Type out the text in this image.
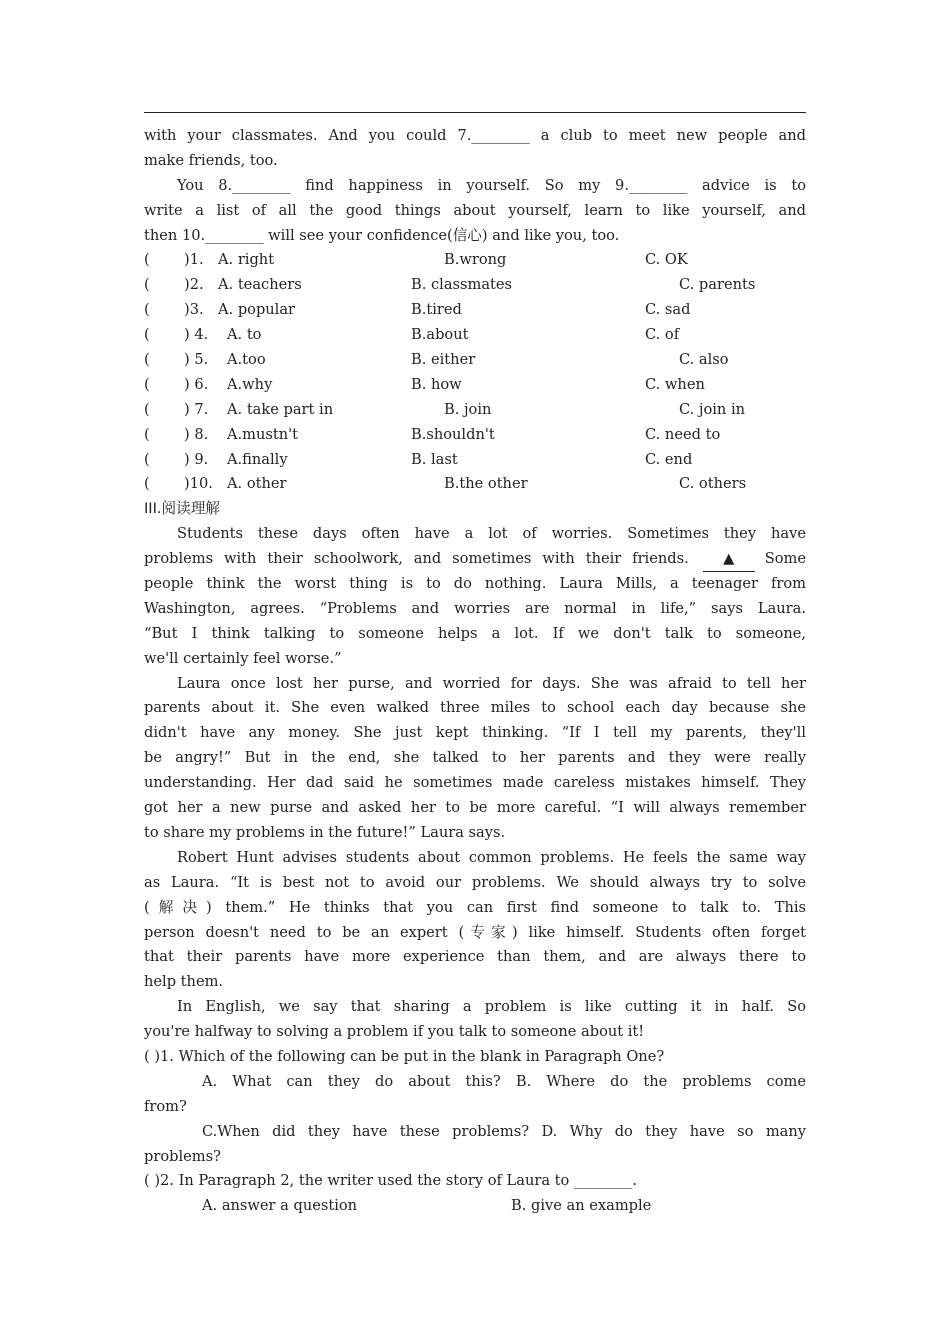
with your classmates. And you could 7.________ a club to meet new people and
make friends, too.
You 8.________ find happiness in yourself. So my 9.________ advice is to
write a list of all the good things about yourself, learn to like yourself, and
then 10.________ will see your confidence(信心) and like you, too.
( )1. A. right	B.wrong	C. OK
( )2. A. teachers	B. classmates	C. parents
( )3. A. popular	B.tired	C. sad
( ) 4. A. to	B.about	C. of
( ) 5. A.too	B. either	C. also
( ) 6. A.why	B. how	C. when
( ) 7. A. take part in	B. join	C. join in
( ) 8. A.mustn't	B.shouldn't	C. need to
( ) 9. A.finally	B. last	C. end
( )10. A. other	B.the other	C. others
III.阅读理解
Students these days often have a lot of worries. Sometimes they have
problems with their schoolwork, and sometimes with their friends.	▲	Some
people think the worst thing is to do nothing. Laura Mills, a teenager from
Washington, agrees. “Problems and worries are normal in life,” says Laura.
“But I think talking to someone helps a lot. If we don't talk to someone,
we'll certainly feel worse.”
Laura once lost her purse, and worried for days. She was afraid to tell her
parents about it. She even walked three miles to school each day because she
didn't have any money. She just kept thinking. “If I tell my parents, they'll
be angry!” But in the end, she talked to her parents and they were really
understanding. Her dad said he sometimes made careless mistakes himself. They
got her a new purse and asked her to be more careful. “I will always remember
to share my problems in the future!” Laura says.
Robert Hunt advises students about common problems. He feels the same way
as Laura. “It is best not to avoid our problems. We should always try to solve
(解决) them.” He thinks that you can first find someone to talk to. This
person doesn't need to be an expert (专家) like himself. Students often forget
that their parents have more experience than them, and are always there to
help them.
In English, we say that sharing a problem is like cutting it in half. So
you're halfway to solving a problem if you talk to someone about it!
( )1. Which of the following can be put in the blank in Paragraph One?
A. What can they do about this? B. Where do the problems come
from?
C.When did they have these problems? D. Why do they have so many
problems?
( )2. In Paragraph 2, the writer used the story of Laura to ________.
A. answer a question	B. give an example
